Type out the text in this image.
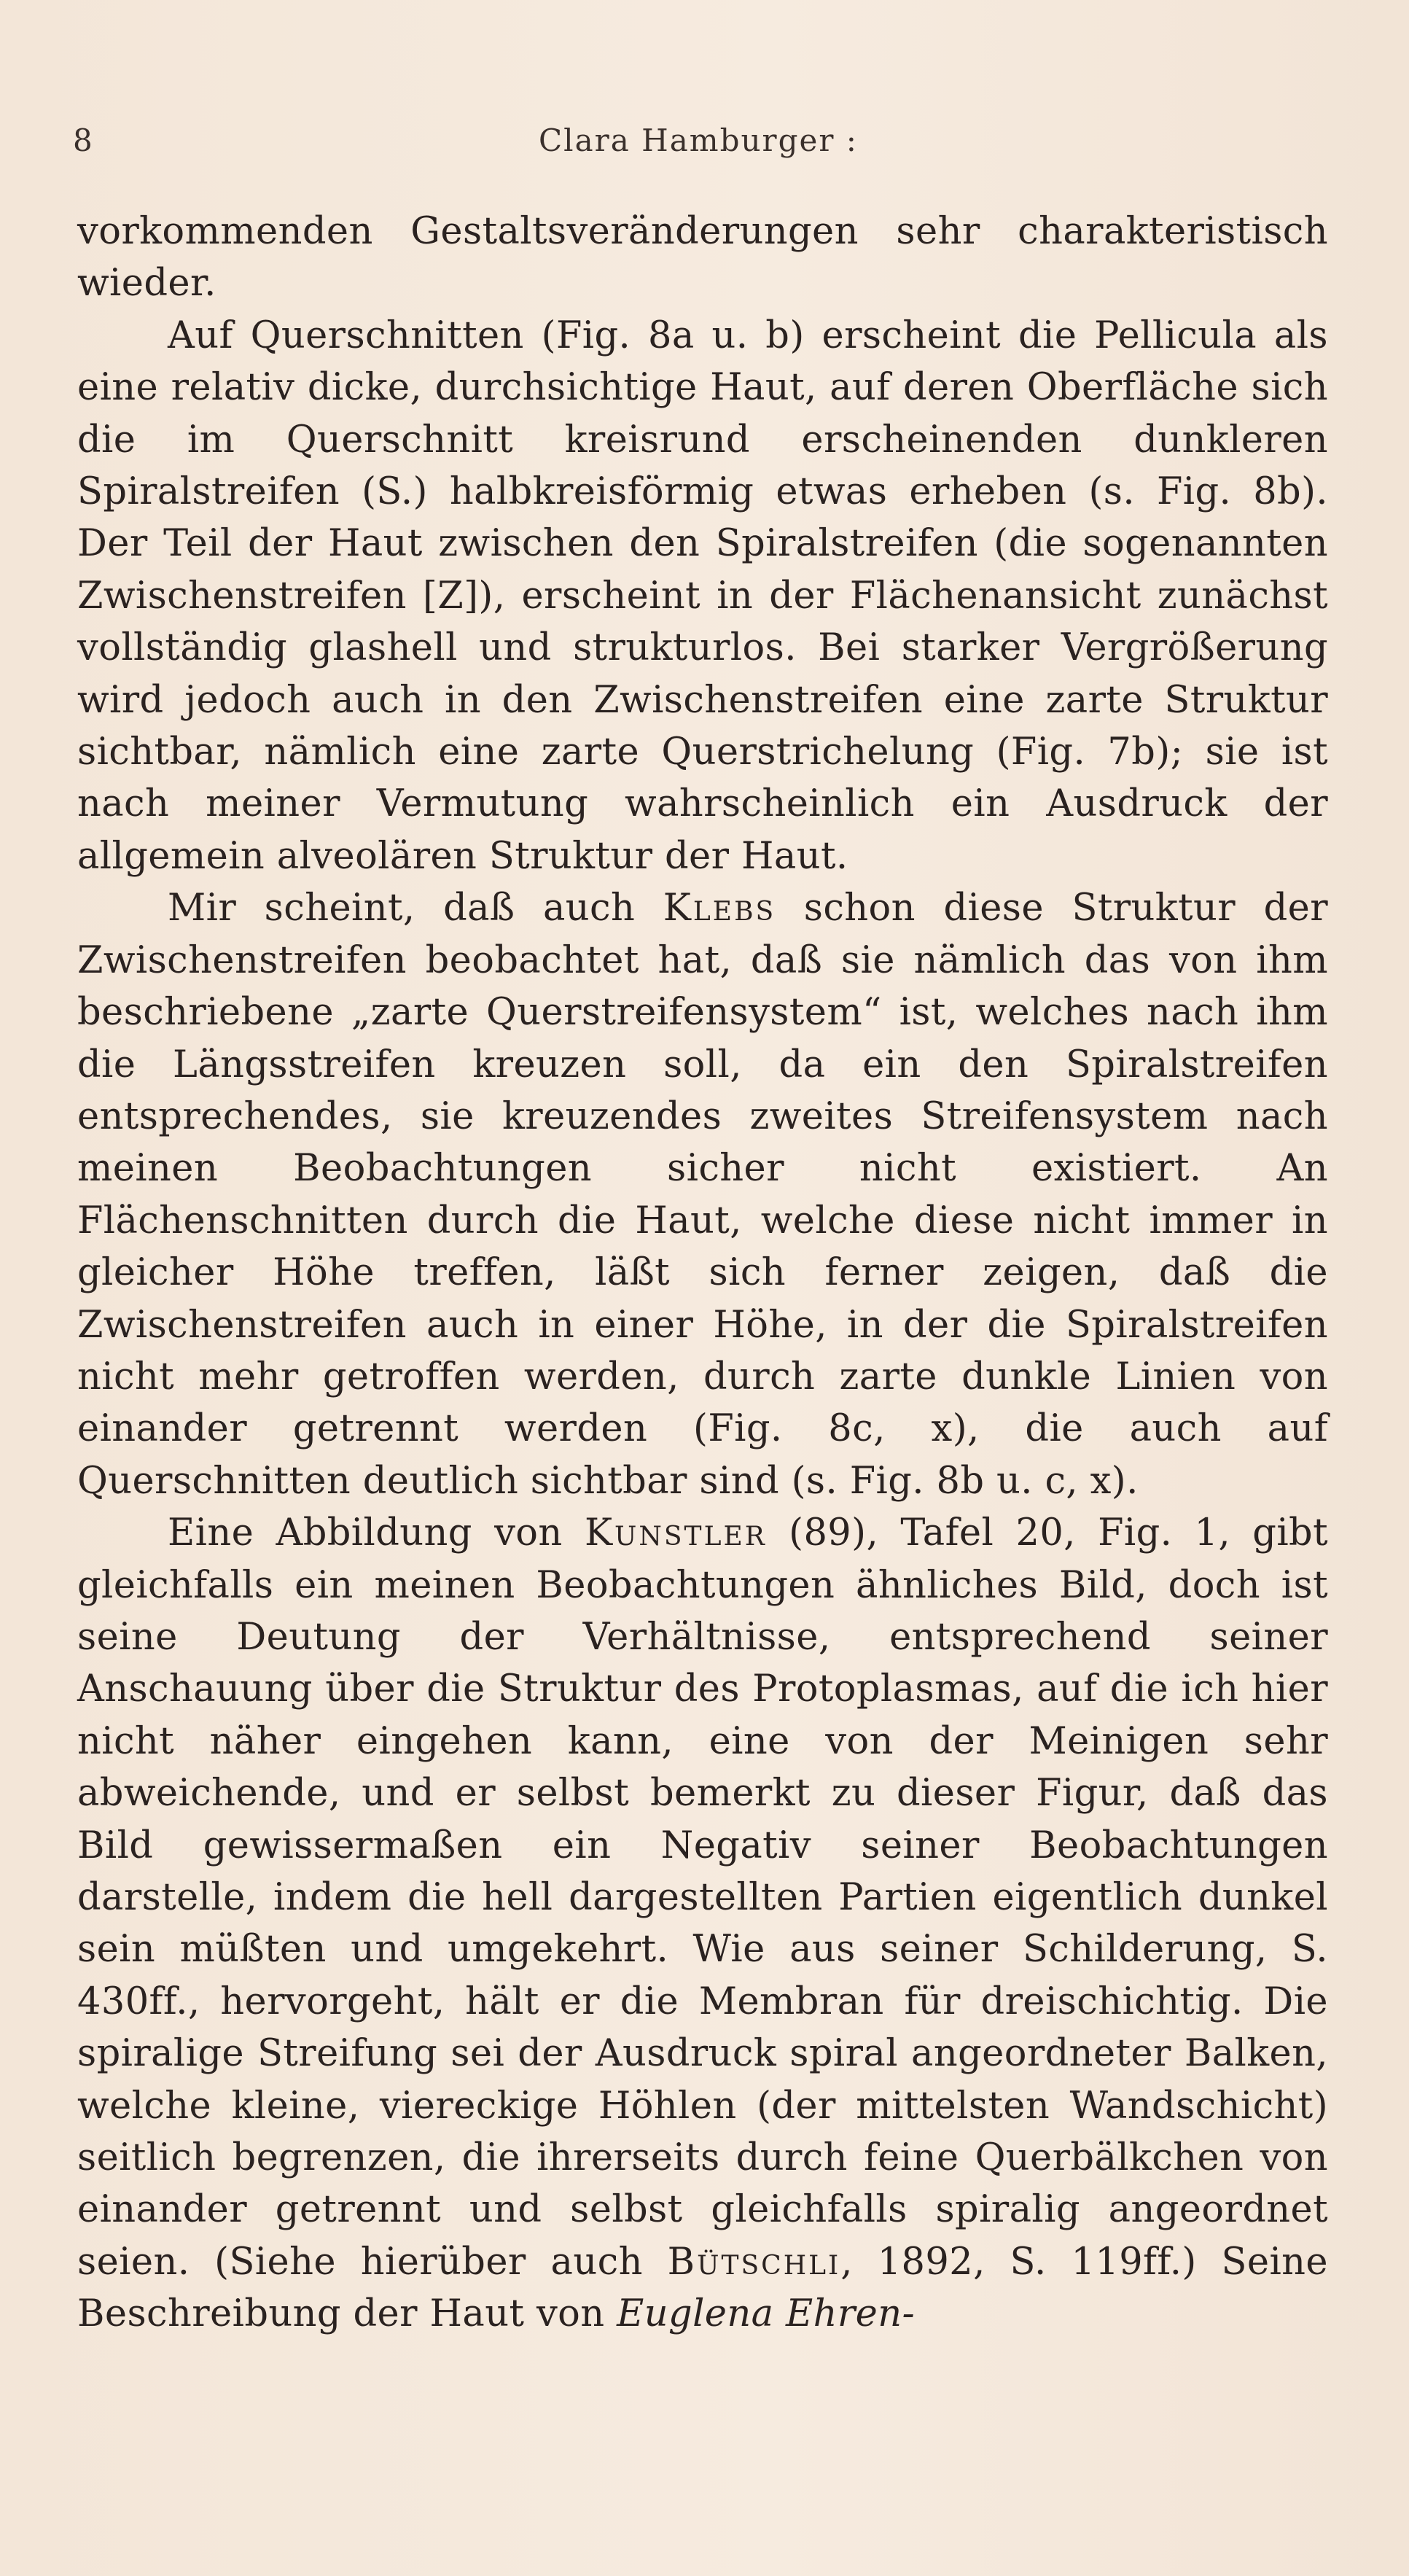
8	Clara Hamburger :

vorkommenden Gestaltsveränderungen sehr charakteristisch wieder.

Auf Querschnitten (Fig. 8a u. b) erscheint die Pellicula als eine relativ dicke, durchsichtige Haut, auf deren Oberfläche sich die im Querschnitt kreisrund erscheinenden dunkleren Spiralstreifen (S.) halbkreisförmig etwas erheben (s. Fig. 8b). Der Teil der Haut zwischen den Spiralstreifen (die sogenannten Zwischenstreifen [Z]), erscheint in der Flächenansicht zunächst vollständig glashell und strukturlos. Bei starker Vergrößerung wird jedoch auch in den Zwischenstreifen eine zarte Struktur sichtbar, nämlich eine zarte Querstrichelung (Fig. 7b); sie ist nach meiner Vermutung wahrscheinlich ein Ausdruck der allgemein alveolären Struktur der Haut.

Mir scheint, daß auch Klebs schon diese Struktur der Zwischenstreifen beobachtet hat, daß sie nämlich das von ihm beschriebene „zarte Querstreifensystem“ ist, welches nach ihm die Längsstreifen kreuzen soll, da ein den Spiralstreifen entsprechendes, sie kreuzendes zweites Streifensystem nach meinen Beobachtungen sicher nicht existiert. An Flächenschnitten durch die Haut, welche diese nicht immer in gleicher Höhe treffen, läßt sich ferner zeigen, daß die Zwischenstreifen auch in einer Höhe, in der die Spiralstreifen nicht mehr getroffen werden, durch zarte dunkle Linien von einander getrennt werden (Fig. 8c, x), die auch auf Querschnitten deutlich sichtbar sind (s. Fig. 8b u. c, x).

Eine Abbildung von Kunstler (89), Tafel 20, Fig. 1, gibt gleichfalls ein meinen Beobachtungen ähnliches Bild, doch ist seine Deutung der Verhältnisse, entsprechend seiner Anschauung über die Struktur des Protoplasmas, auf die ich hier nicht näher eingehen kann, eine von der Meinigen sehr abweichende, und er selbst bemerkt zu dieser Figur, daß das Bild gewissermaßen ein Negativ seiner Beobachtungen darstelle, indem die hell dargestellten Partien eigentlich dunkel sein müßten und umgekehrt. Wie aus seiner Schilderung, S. 430ff., hervorgeht, hält er die Membran für dreischichtig. Die spiralige Streifung sei der Ausdruck spiral angeordneter Balken, welche kleine, viereckige Höhlen (der mittelsten Wandschicht) seitlich begrenzen, die ihrerseits durch feine Querbälkchen von einander getrennt und selbst gleichfalls spiralig angeordnet seien. (Siehe hierüber auch Bütschli, 1892, S. 119ff.) Seine Beschreibung der Haut von Euglena Ehren-
